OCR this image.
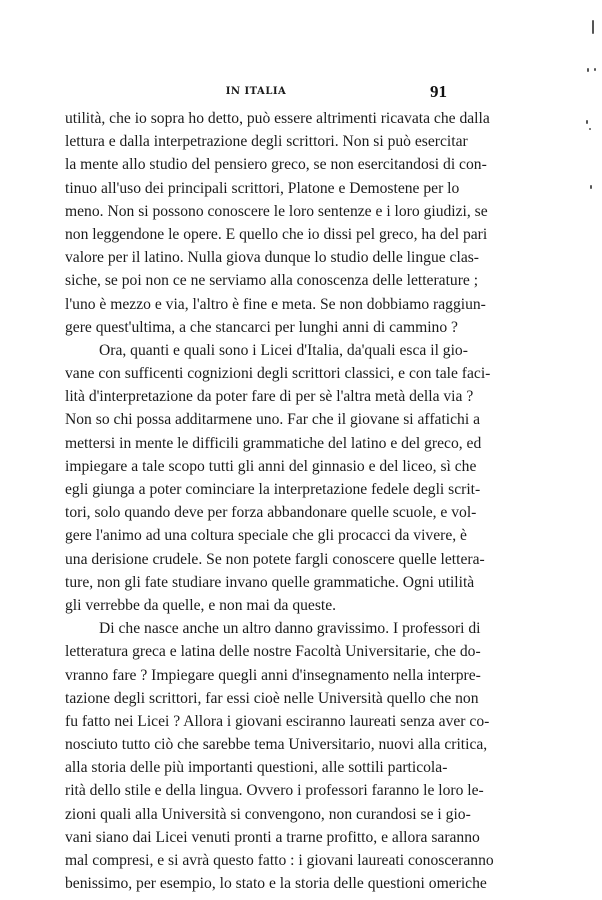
IN ITALIA	91
utilità, che io sopra ho detto, può essere altrimenti ricavata che dalla
lettura e dalla interpetrazione degli scrittori. Non si può esercitar
la mente allo studio del pensiero greco, se non esercitandosi di con-
tinuo all'uso dei principali scrittori, Platone e Demostene per lo
meno. Non si possono conoscere le loro sentenze e i loro giudizi, se
non leggendone le opere. E quello che io dissi pel greco, ha del pari
valore per il latino. Nulla giova dunque lo studio delle lingue clas-
siche, se poi non ce ne serviamo alla conoscenza delle letterature ;
l'uno è mezzo e via, l'altro è fine e meta. Se non dobbiamo raggiun-
gere quest'ultima, a che stancarci per lunghi anni di cammino ?
Ora, quanti e quali sono i Licei d'Italia, da'quali esca il gio-
vane con sufficenti cognizioni degli scrittori classici, e con tale faci-
lità d'interpretazione da poter fare di per sè l'altra metà della via ?
Non so chi possa additarmene uno. Far che il giovane si affatichi a
mettersi in mente le difficili grammatiche del latino e del greco, ed
impiegare a tale scopo tutti gli anni del ginnasio e del liceo, sì che
egli giunga a poter cominciare la interpretazione fedele degli scrit-
tori, solo quando deve per forza abbandonare quelle scuole, e vol-
gere l'animo ad una coltura speciale che gli procacci da vivere, è
una derisione crudele. Se non potete fargli conoscere quelle lettera-
ture, non gli fate studiare invano quelle grammatiche. Ogni utilità
gli verrebbe da quelle, e non mai da queste.
Di che nasce anche un altro danno gravissimo. I professori di
letteratura greca e latina delle nostre Facoltà Universitarie, che do-
vranno fare ? Impiegare quegli anni d'insegnamento nella interpre-
tazione degli scrittori, far essi cioè nelle Università quello che non
fu fatto nei Licei ? Allora i giovani esciranno laureati senza aver co-
nosciuto tutto ciò che sarebbe tema Universitario, nuovi alla critica,
alla storia delle più importanti questioni, alle sottili particola-
rità dello stile e della lingua. Ovvero i professori faranno le loro le-
zioni quali alla Università si convengono, non curandosi se i gio-
vani siano dai Licei venuti pronti a trarne profitto, e allora saranno
mal compresi, e si avrà questo fatto : i giovani laureati conosceranno
benissimo, per esempio, lo stato e la storia delle questioni omeriche
